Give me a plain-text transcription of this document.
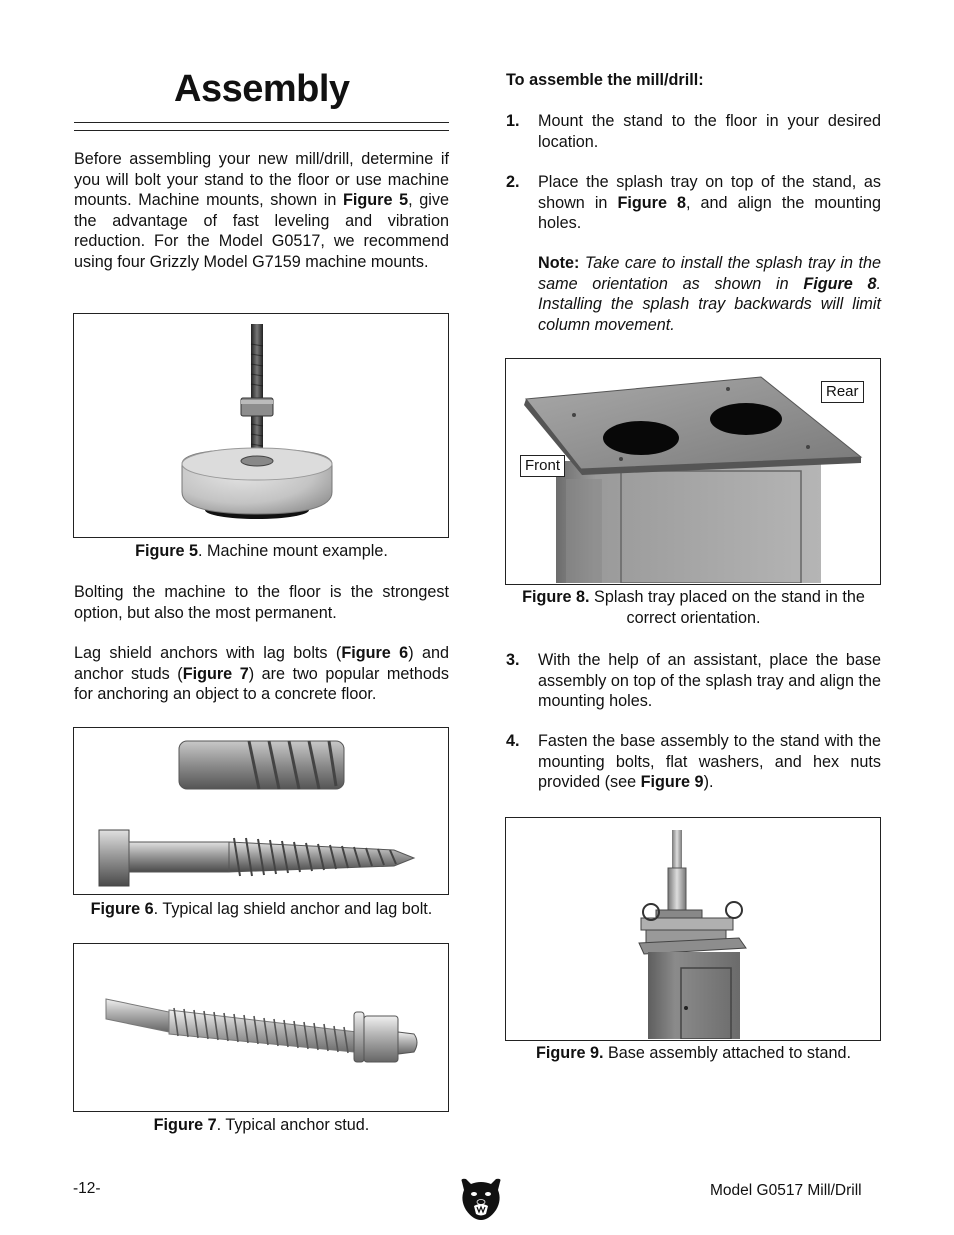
Assembly

Before assembling your new mill/drill, determine if you will bolt your stand to the floor or use machine mounts. Machine mounts, shown in Figure 5, give the advantage of fast leveling and vibration reduction. For the Model G0517, we recommend using four Grizzly Model G7159 machine mounts.

Figure 5. Machine mount example.

Bolting the machine to the floor is the strongest option, but also the most permanent.

Lag shield anchors with lag bolts (Figure 6) and anchor studs (Figure 7) are two popular methods for anchoring an object to a concrete floor.

Figure 6. Typical lag shield anchor and lag bolt.

Figure 7. Typical anchor stud.

To assemble the mill/drill:

1. Mount the stand to the floor in your desired location.

2. Place the splash tray on top of the stand, as shown in Figure 8, and align the mounting holes.

Note: Take care to install the splash tray in the same orientation as shown in Figure 8. Installing the splash tray backwards will limit column movement.

Rear
Front

Figure 8. Splash tray placed on the stand in the correct orientation.

3. With the help of an assistant, place the base assembly on top of the splash tray and align the mounting holes.

4. Fasten the base assembly to the stand with the mounting bolts, flat washers, and hex nuts provided (see Figure 9).

Figure 9. Base assembly attached to stand.

-12-	Model G0517 Mill/Drill
